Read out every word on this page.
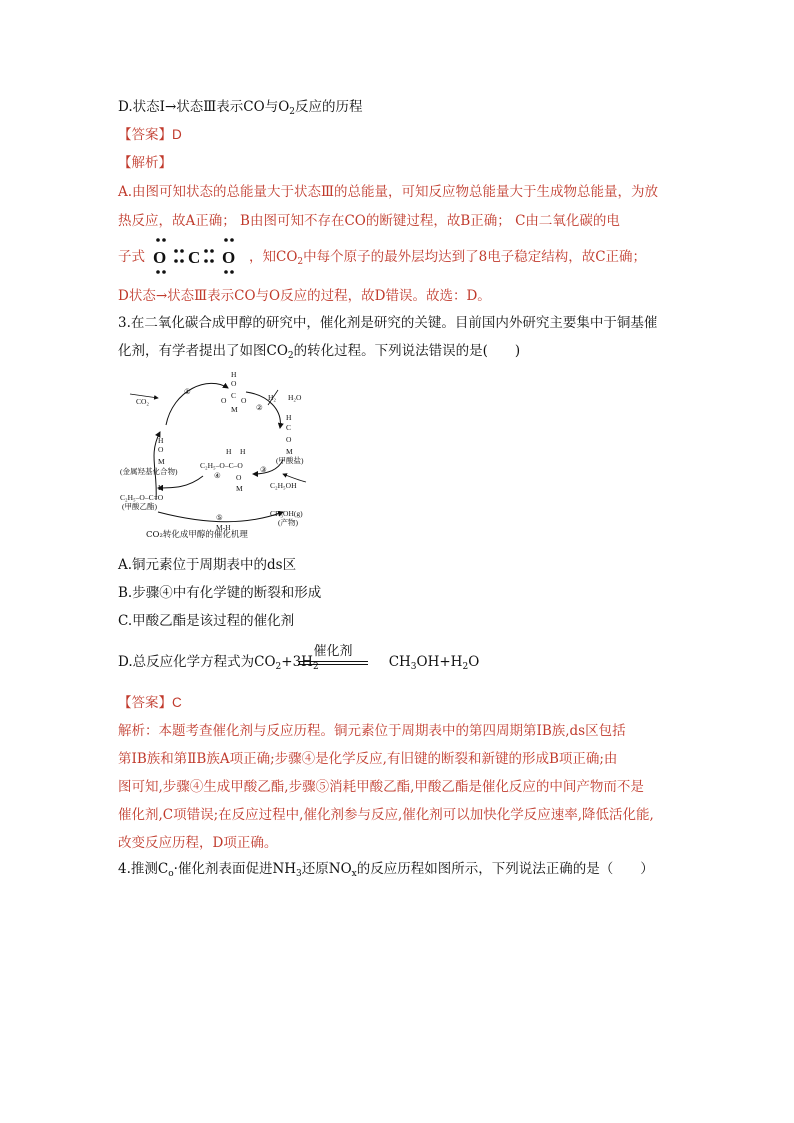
D.状态Ⅰ→状态Ⅲ表示CO与$O_2$反应的历程
【答案】D
【解析】
A.由图可知状态的总能量大于状态Ⅲ的总能量，可知反应物总能量大于生成物总能量，为放
热反应，故A正确； B由图可知不存在CO的断键过程，故B正确； C由二氧化碳的电
子式	，知$CO_2$中每个原子的最外层均达到了8电子稳定结构，故C正确；
O C O
D状态→状态Ⅲ表示CO与O反应的过程，故D错误。故选：D。
3.在二氧化碳合成甲醇的研究中，催化剂是研究的关键。目前国内外研究主要集中于铜基催
化剂，有学者提出了如图$CO_2$的转化过程。下列说法错误的是(　　)
CO₂
①
②
③
④
⑤
H₂ H₂O
H
O
C
O O
M
H
C
O
M
(甲酸盐)
H
O
M
(金属羟基化合物)
H H
C₂H₅–O–C–O
O
M
H
C₂H₅–O–C=O
(甲酸乙酯)
C₂H₅OH
M-H
CH₃OH(g)
(产物)
CO₂转化成甲醇的催化机理
A.铜元素位于周期表中的ds区
B.步骤④中有化学键的断裂和形成
C.甲酸乙酯是该过程的催化剂
D.总反应化学方程式为$CO_2+3H_2$	$CH_3OH+H_2O$
催化剂
【答案】C
解析：本题考查催化剂与反应历程。铜元素位于周期表中的第四周期第ⅠB族,ds区包括
第ⅠB族和第ⅡB族A项正确;步骤④是化学反应,有旧键的断裂和新键的形成B项正确;由
图可知,步骤④生成甲酸乙酯,步骤⑤消耗甲酸乙酯,甲酸乙酯是催化反应的中间产物而不是
催化剂,C项错误;在反应过程中,催化剂参与反应,催化剂可以加快化学反应速率,降低活化能,
改变反应历程，D项正确。
4.推测$C_o\cdot$催化剂表面促进$NH_3$还原$NO_x$的反应历程如图所示，下列说法正确的是（　　）
